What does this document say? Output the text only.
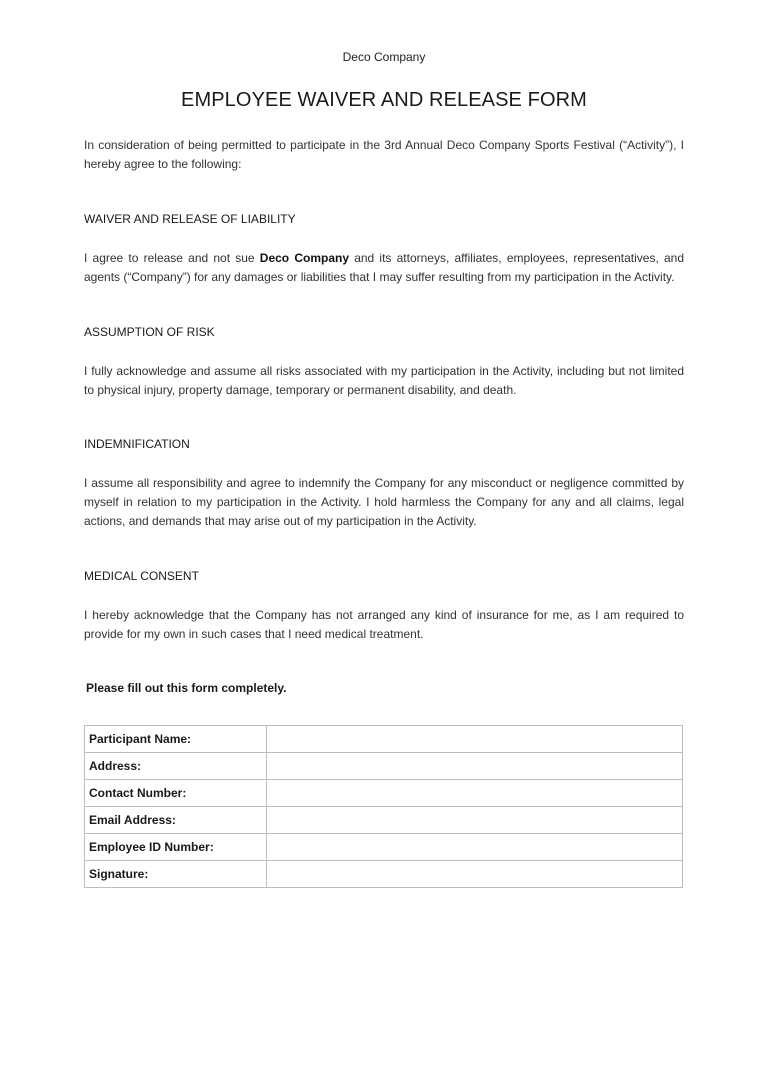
Deco Company
EMPLOYEE WAIVER AND RELEASE FORM

In consideration of being permitted to participate in the 3rd Annual Deco Company Sports Festival (“Activity”), I hereby agree to the following:

WAIVER AND RELEASE OF LIABILITY

I agree to release and not sue Deco Company and its attorneys, affiliates, employees, representatives, and agents (“Company”) for any damages or liabilities that I may suffer resulting from my participation in the Activity.

ASSUMPTION OF RISK

I fully acknowledge and assume all risks associated with my participation in the Activity, including but not limited to physical injury, property damage, temporary or permanent disability, and death.

INDEMNIFICATION

I assume all responsibility and agree to indemnify the Company for any misconduct or negligence committed by myself in relation to my participation in the Activity. I hold harmless the Company for any and all claims, legal actions, and demands that may arise out of my participation in the Activity.

MEDICAL CONSENT

I hereby acknowledge that the Company has not arranged any kind of insurance for me, as I am required to provide for my own in such cases that I need medical treatment.

Please fill out this form completely.
Participant Name:	
Address:	
Contact Number:	
Email Address:	
Employee ID Number:	
Signature:	
